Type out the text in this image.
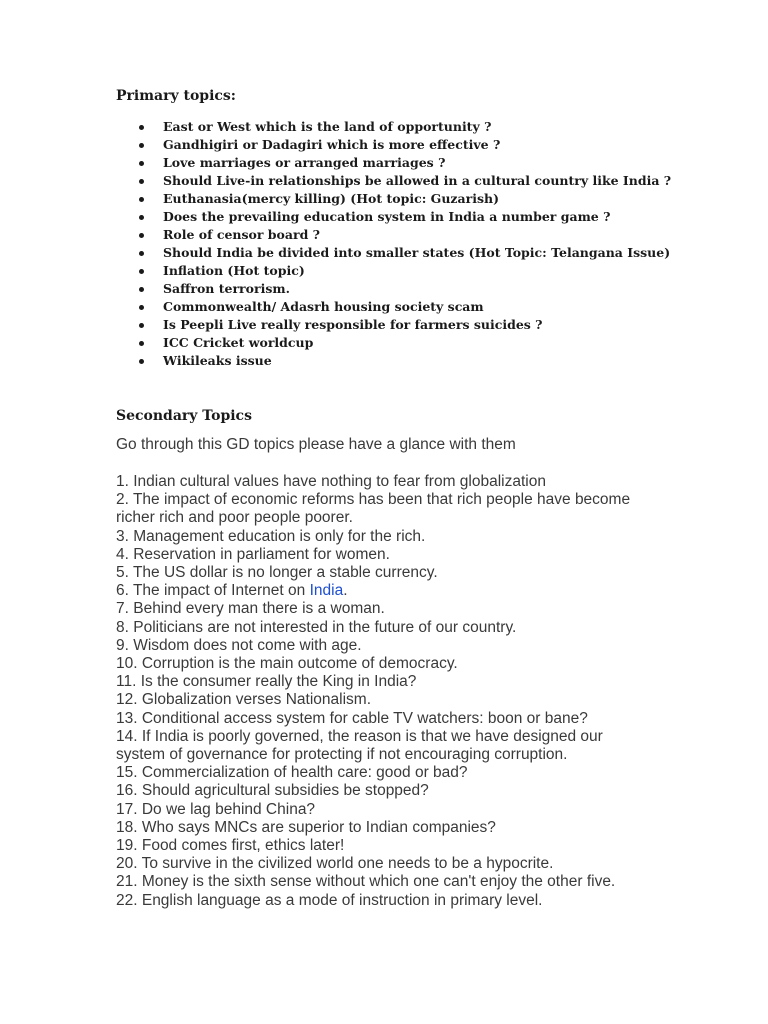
Primary topics:
East or West which is the land of opportunity ?
Gandhigiri or Dadagiri which is more effective ?
Love marriages or arranged marriages ?
Should Live-in relationships be allowed in a cultural country like India ?
Euthanasia(mercy killing) (Hot topic: Guzarish)
Does the prevailing education system in India a number game ?
Role of censor board ?
Should India be divided into smaller states (Hot Topic: Telangana Issue)
Inflation (Hot topic)
Saffron terrorism.
Commonwealth/ Adasrh housing society scam
Is Peepli Live really responsible for farmers suicides ?
ICC Cricket worldcup
Wikileaks issue
Secondary Topics

Go through this GD topics please have a glance with them

1. Indian cultural values have nothing to fear from globalization
2. The impact of economic reforms has been that rich people have become richer rich and poor people poorer.
3. Management education is only for the rich.
4. Reservation in parliament for women.
5. The US dollar is no longer a stable currency.
6. The impact of Internet on India.
7. Behind every man there is a woman.
8. Politicians are not interested in the future of our country.
9. Wisdom does not come with age.
10. Corruption is the main outcome of democracy.
11. Is the consumer really the King in India?
12. Globalization verses Nationalism.
13. Conditional access system for cable TV watchers: boon or bane?
14. If India is poorly governed, the reason is that we have designed our system of governance for protecting if not encouraging corruption.
15. Commercialization of health care: good or bad?
16. Should agricultural subsidies be stopped?
17. Do we lag behind China?
18. Who says MNCs are superior to Indian companies?
19. Food comes first, ethics later!
20. To survive in the civilized world one needs to be a hypocrite.
21. Money is the sixth sense without which one can't enjoy the other five.
22. English language as a mode of instruction in primary level.
